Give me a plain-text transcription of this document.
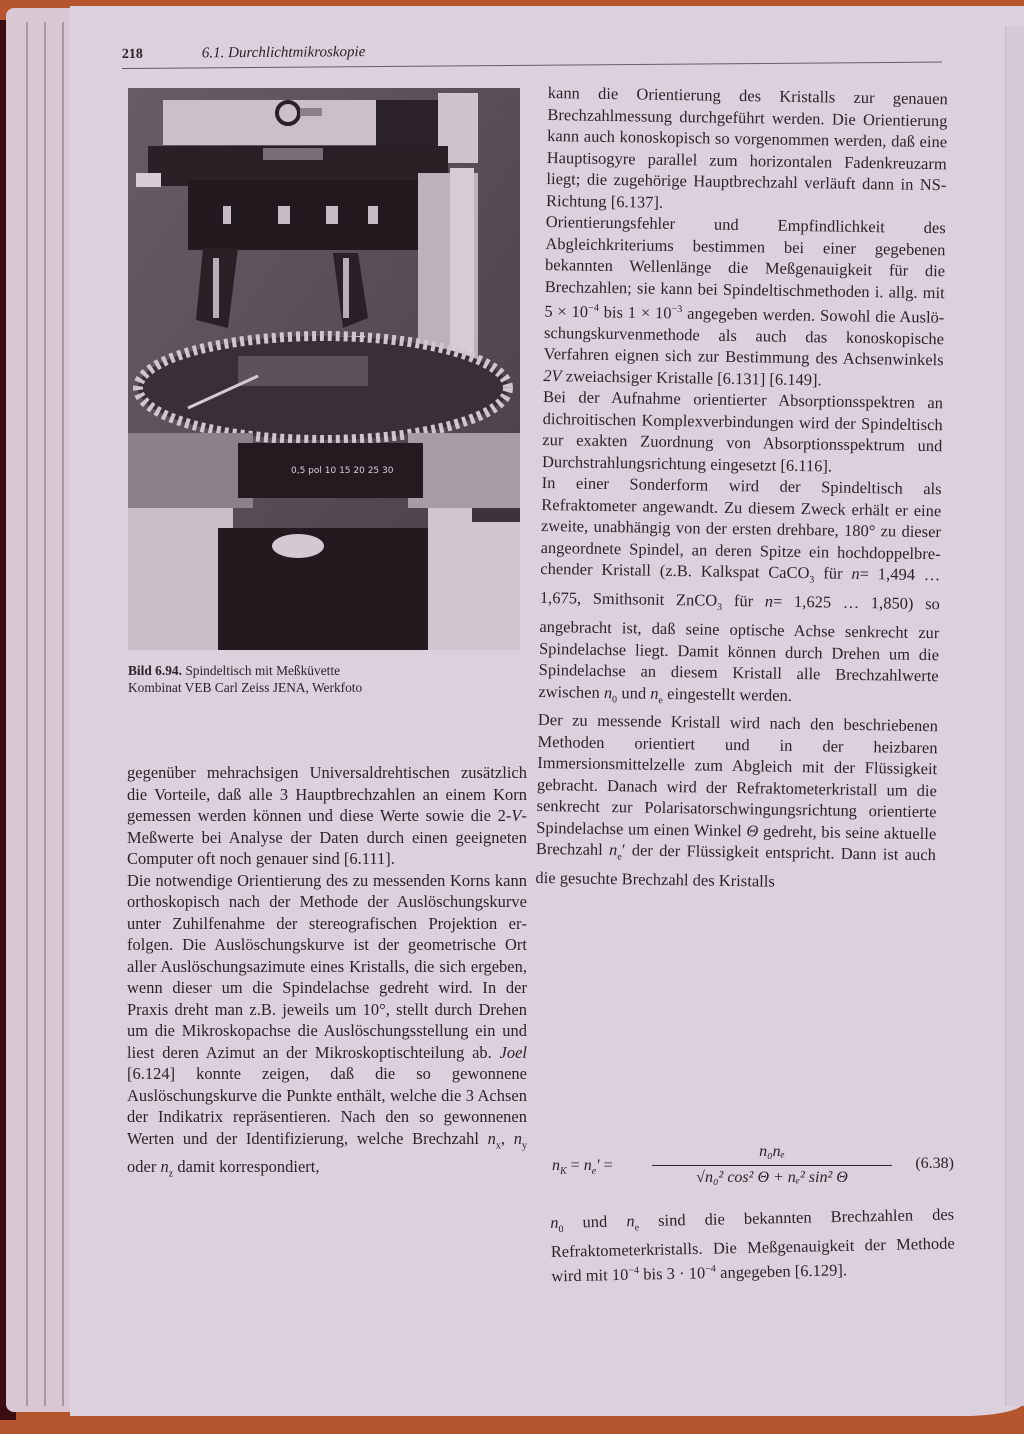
218	6.1. Durchlichtmikroskopie
0,5 pol 10 15 20 25 30
Bild 6.94. Spindeltisch mit Meßküvette
Kombinat VEB Carl Zeiss JENA, Werkfoto

gegenüber mehrachsigen Universaldrehtischen zusätzlich die Vorteile, daß alle 3 Hauptbrechzahlen an einem Korn gemessen werden können und diese Werte sowie die 2-V-Meßwerte bei Analyse der Daten durch einen geeigneten Computer oft noch genauer sind [6.111].

Die notwendige Orientierung des zu messenden Korns kann orthoskopisch nach der Methode der Auslöschungskurve unter Zuhilfenahme der stereografischen Projektion erfolgen. Die Auslöschungskurve ist der geometrische Ort aller Auslöschungsazimute eines Kristalls, die sich ergeben, wenn dieser um die Spindelachse gedreht wird. In der Praxis dreht man z.B. jeweils um 10°, stellt durch Drehen um die Mikroskopachse die Auslöschungsstellung ein und liest deren Azimut an der Mikroskoptischteilung ab. Joel [6.124] konnte zeigen, daß die so gewonnene Auslöschungskurve die Punkte enthält, welche die 3 Achsen der Indikatrix repräsentieren. Nach den so gewonnenen Werten und der Identifizierung, welche Brechzahl $n_x$, $n_y$ oder $n_z$ damit korrespondiert,

kann die Orientierung des Kristalls zur genauen Brechzahlmessung durchgeführt werden. Die Orientierung kann auch konoskopisch so vorgenommen werden, daß eine Hauptisogyre parallel zum horizontalen Fadenkreuzarm liegt; die zugehörige Hauptbrechzahl verläuft dann in NS-Richtung [6.137].

Orientierungsfehler und Empfindlichkeit des Abgleichkriteriums bestimmen bei einer gegebenen bekannten Wellenlänge die Meßgenauigkeit für die Brechzahlen; sie kann bei Spindeltischmethoden i. allg. mit $5 \times 10^{-4}$ bis $1 \times 10^{-3}$ angegeben werden. Sowohl die Auslöschungskurvenmethode als auch das konoskopische Verfahren eignen sich zur Bestimmung des Achsenwinkels 2V zweiachsiger Kristalle [6.131] [6.149].

Bei der Aufnahme orientierter Absorptionsspektren an dichroitischen Komplexverbindungen wird der Spindeltisch zur exakten Zuordnung von Absorptionsspektrum und Durchstrahlungsrichtung eingesetzt [6.116].

In einer Sonderform wird der Spindeltisch als Refraktometer angewandt. Zu diesem Zweck erhält er eine zweite, unabhängig von der ersten drehbare, 180° zu dieser angeordnete Spindel, an deren Spitze ein hochdoppelbrechender Kristall (z.B. Kalkspat CaCO$_3$ für n= 1,494 … 1,675, Smithsonit ZnCO$_3$ für n= 1,625 … 1,850) so angebracht ist, daß seine optische Achse senkrecht zur Spindelachse liegt. Damit können durch Drehen um die Spindelachse an diesem Kristall alle Brechzahlwerte zwischen $n_0$ und $n_e$ eingestellt werden.

Der zu messende Kristall wird nach den beschriebenen Methoden orientiert und in der heizbaren Immersionsmittelzelle zum Abgleich mit der Flüssigkeit gebracht. Danach wird der Refraktometerkristall um die senkrecht zur Polarisatorschwingungsrichtung orientierte Spindelachse um einen Winkel Θ gedreht, bis seine aktuelle Brechzahl $n_e'$ der der Flüssigkeit entspricht. Dann ist auch die gesuchte Brechzahl des Kristalls

$n_K = n_e'$ =
n₀nₑ
√n₀² cos² Θ + nₑ² sin² Θ
(6.38)

$n_0$ und $n_e$ sind die bekannten Brechzahlen des Refraktometerkristalls. Die Meßgenauigkeit der Methode wird mit $10^{-4}$ bis $3 \cdot 10^{-4}$ angegeben [6.129].
